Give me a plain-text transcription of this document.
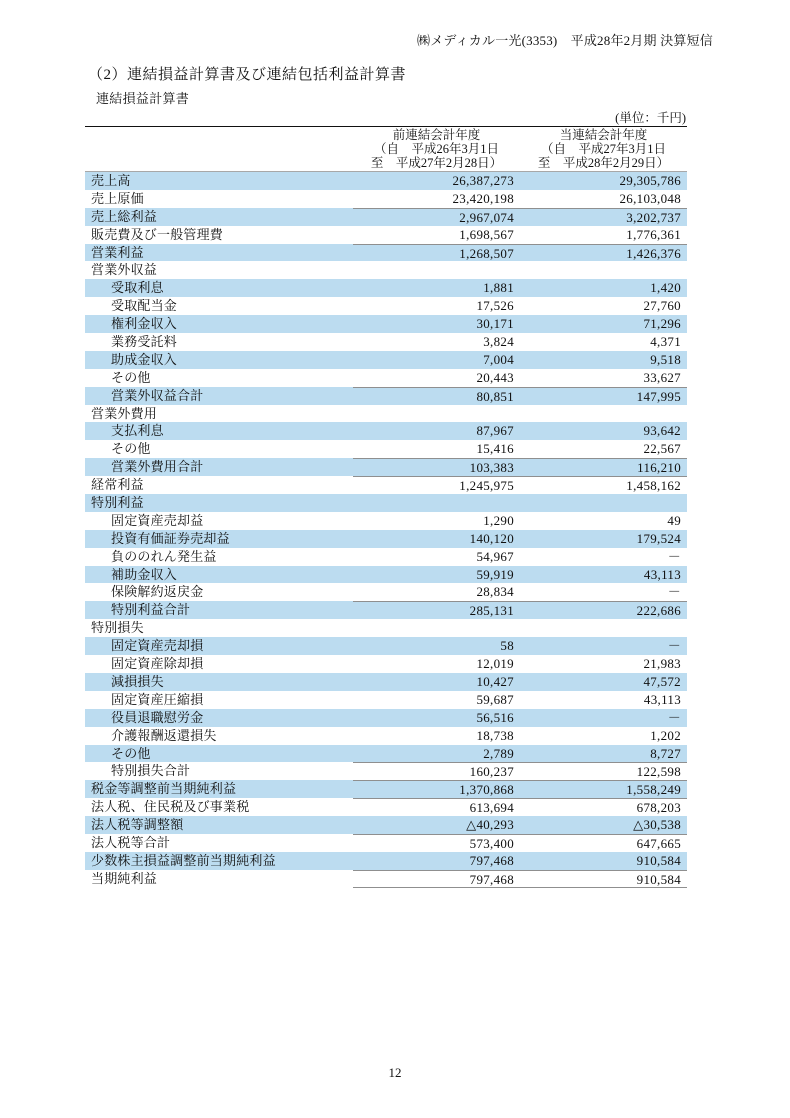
㈱メディカル一光(3353)　平成28年2月期 決算短信
（2）連結損益計算書及び連結包括利益計算書
連結損益計算書
(単位：千円)
前連結会計年度
（自　平成26年3月1日
至　平成27年2月28日）
当連結会計年度
（自　平成27年3月1日
至　平成28年2月29日）
売上高	26,387,273	29,305,786
売上原価	23,420,198	26,103,048
売上総利益	2,967,074	3,202,737
販売費及び一般管理費	1,698,567	1,776,361
営業利益	1,268,507	1,426,376
営業外収益
受取利息	1,881	1,420
受取配当金	17,526	27,760
権利金収入	30,171	71,296
業務受託料	3,824	4,371
助成金収入	7,004	9,518
その他	20,443	33,627
営業外収益合計	80,851	147,995
営業外費用
支払利息	87,967	93,642
その他	15,416	22,567
営業外費用合計	103,383	116,210
経常利益	1,245,975	1,458,162
特別利益
固定資産売却益	1,290	49
投資有価証券売却益	140,120	179,524
負ののれん発生益	54,967	－
補助金収入	59,919	43,113
保険解約返戻金	28,834	－
特別利益合計	285,131	222,686
特別損失
固定資産売却損	58	－
固定資産除却損	12,019	21,983
減損損失	10,427	47,572
固定資産圧縮損	59,687	43,113
役員退職慰労金	56,516	－
介護報酬返還損失	18,738	1,202
その他	2,789	8,727
特別損失合計	160,237	122,598
税金等調整前当期純利益	1,370,868	1,558,249
法人税、住民税及び事業税	613,694	678,203
法人税等調整額	△40,293	△30,538
法人税等合計	573,400	647,665
少数株主損益調整前当期純利益	797,468	910,584
当期純利益	797,468	910,584
12
